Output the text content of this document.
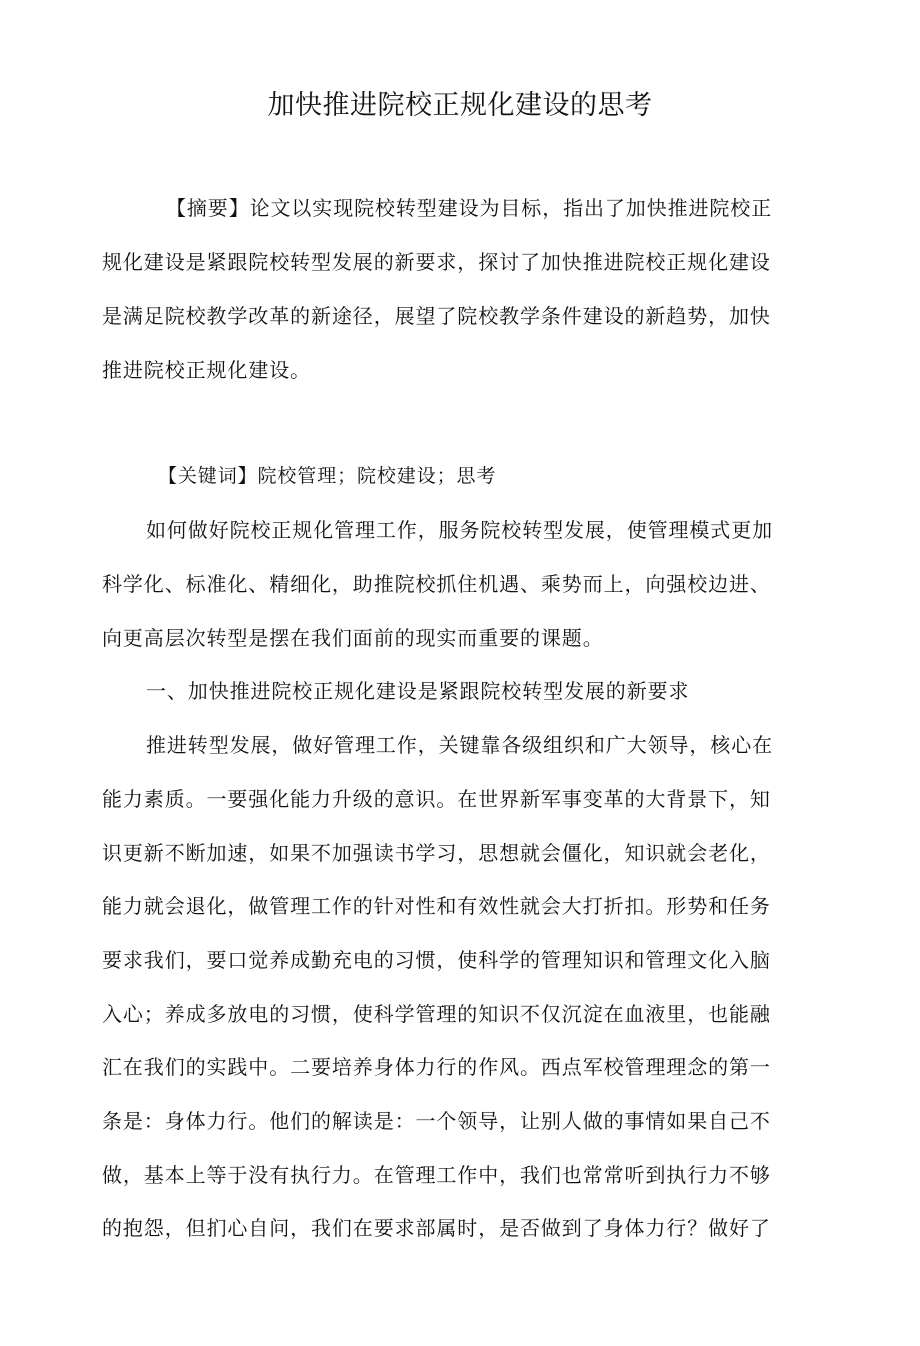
加快推进院校正规化建设的思考
【摘要】论文以实现院校转型建设为目标，指出了加快推进院校正
规化建设是紧跟院校转型发展的新要求，探讨了加快推进院校正规化建设
是满足院校教学改革的新途径，展望了院校教学条件建设的新趋势，加快
推进院校正规化建设。
【关键词】院校管理；院校建设；思考
如何做好院校正规化管理工作，服务院校转型发展，使管理模式更加
科学化、标准化、精细化，助推院校抓住机遇、乘势而上，向强校边进、
向更高层次转型是摆在我们面前的现实而重要的课题。
一、加快推进院校正规化建设是紧跟院校转型发展的新要求
推进转型发展，做好管理工作，关键靠各级组织和广大领导，核心在
能力素质。一要强化能力升级的意识。在世界新军事变革的大背景下，知
识更新不断加速，如果不加强读书学习，思想就会僵化，知识就会老化，
能力就会退化，做管理工作的针对性和有效性就会大打折扣。形势和任务
要求我们，要口觉养成勤充电的习惯，使科学的管理知识和管理文化入脑
入心；养成多放电的习惯，使科学管理的知识不仅沉淀在血液里，也能融
汇在我们的实践中。二要培养身体力行的作风。西点军校管理理念的第一
条是：身体力行。他们的解读是：一个领导，让别人做的事情如果自己不
做，基本上等于没有执行力。在管理工作中，我们也常常听到执行力不够
的抱怨，但扪心自问，我们在要求部属时，是否做到了身体力行？做好了
